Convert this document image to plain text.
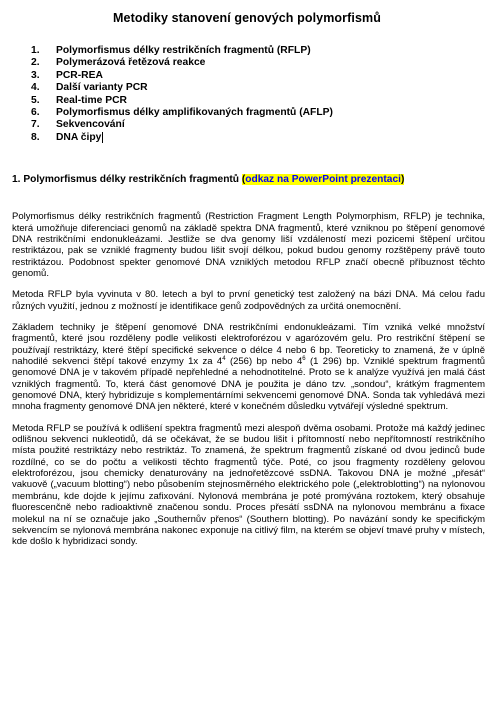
Metodiky stanovení genových polymorfismů
1.	Polymorfismus délky restrikčních fragmentů (RFLP)
2.	Polymerázová řetězová reakce
3.	PCR-REA
4.	Další varianty PCR
5.	Real-time PCR
6.	Polymorfismus délky amplifikovaných fragmentů (AFLP)
7.	Sekvencování
8.	DNA čipy
1. Polymorfismus délky restrikčních fragmentů (odkaz na PowerPoint prezentaci)

Polymorfismus délky restrikčních fragmentů (Restriction Fragment Length Polymorphism, RFLP) je technika, která umožňuje diferenciaci genomů na základě spektra DNA fragmentů, které vzniknou po štěpení genomové DNA restrikčními endonukleázami. Jestliže se dva genomy liší vzdáleností mezi pozicemi štěpení určitou restriktázou, pak se vzniklé fragmenty budou lišit svojí délkou, pokud budou genomy rozštěpeny právě touto restriktázou. Podobnost spekter genomové DNA vzniklých metodou RFLP značí obecně příbuznost těchto genomů.

Metoda RFLP byla vyvinuta v 80. letech a byl to první genetický test založený na bázi DNA. Má celou řadu různých využití, jednou z možností je identifikace genů zodpovědných za určitá onemocnění.

Základem techniky je štěpení genomové DNA restrikčními endonukleázami. Tím vzniká velké množství fragmentů, které jsou rozděleny podle velikosti elektroforézou v agarózovém gelu. Pro restrikční štěpení se používají restriktázy, které štěpí specifické sekvence o délce 4 nebo 6 bp. Teoreticky to znamená, že v úplně nahodilé sekvenci štěpí takové enzymy 1x za $4^4$ (256) bp nebo $4^6$ (1 296) bp. Vzniklé spektrum fragmentů genomové DNA je v takovém případě nepřehledné a nehodnotitelné. Proto se k analýze využívá jen malá část vzniklých fragmentů. To, která část genomové DNA je použita je dáno tzv. „sondou“, krátkým fragmentem genomové DNA, který hybridizuje s komplementárními sekvencemi genomové DNA. Sonda tak vyhledává mezi mnoha fragmenty genomové DNA jen některé, které v konečném důsledku vytvářejí výsledné spektrum.

Metoda RFLP se používá k odlišení spektra fragmentů mezi alespoň dvěma osobami. Protože má každý jedinec odlišnou sekvenci nukleotidů, dá se očekávat, že se budou lišit i přítomností nebo nepřítomností restrikčního místa použité restriktázy nebo restriktáz. To znamená, že spektrum fragmentů získané od dvou jedinců bude rozdílné, co se do počtu a velikosti těchto fragmentů týče. Poté, co jsou fragmenty rozděleny gelovou elektroforézou, jsou chemicky denaturovány na jednořetězcové ssDNA. Takovou DNA je možné „přesát“ vakuově („vacuum blotting“) nebo působením stejnosměrného elektrického pole („elektroblotting“) na nylonovou membránu, kde dojde k jejímu zafixování. Nylonová membrána je poté promývána roztokem, který obsahuje fluorescenčně nebo radioaktivně značenou sondu. Proces přesátí ssDNA na nylonovou membránu a fixace molekul na ní se označuje jako „Southernův přenos“ (Southern blotting). Po navázání sondy ke specifickým sekvencím se nylonová membrána nakonec exponuje na citlivý film, na kterém se objeví tmavé pruhy v místech, kde došlo k hybridizaci sondy.
